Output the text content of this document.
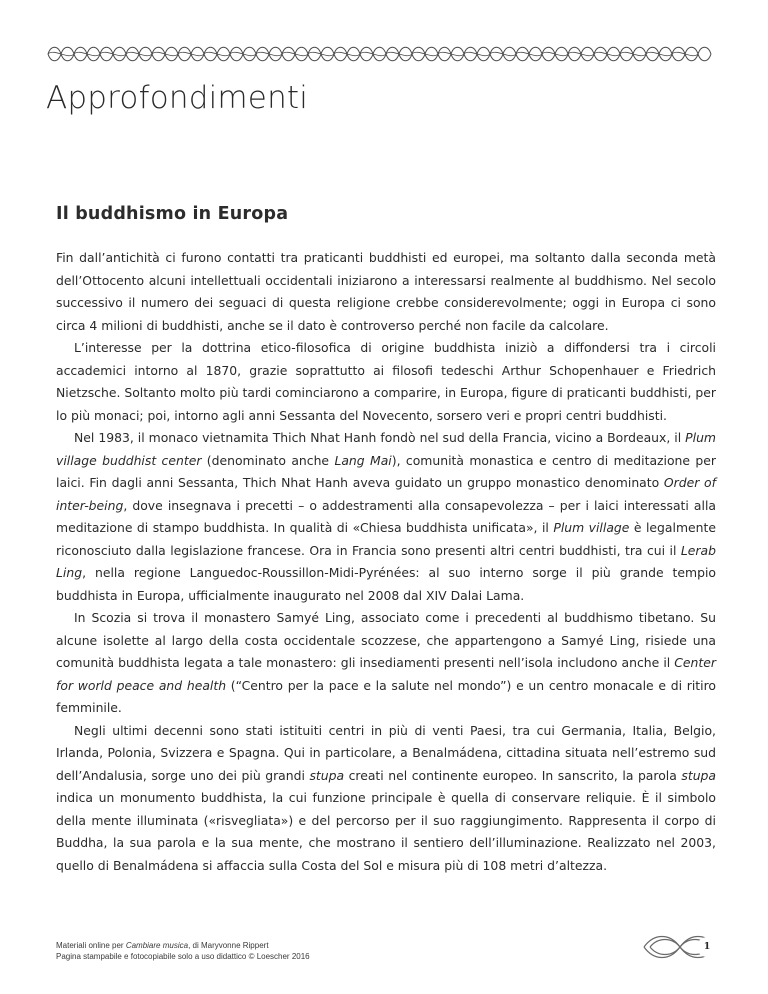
Approfondimenti
Il buddhismo in Europa

Fin dall’antichità ci furono contatti tra praticanti buddhisti ed europei, ma soltanto dalla seconda metà dell’Ottocento alcuni intellettuali occidentali iniziarono a interessarsi realmente al buddhismo. Nel secolo successivo il numero dei seguaci di questa religione crebbe considerevolmente; oggi in Europa ci sono circa 4 milioni di buddhisti, anche se il dato è controverso perché non facile da calcolare.

L’interesse per la dottrina etico-filosofica di origine buddhista iniziò a diffondersi tra i circoli accademici intorno al 1870, grazie soprattutto ai filosofi tedeschi Arthur Schopenhauer e Friedrich Nietzsche. Soltanto molto più tardi cominciarono a comparire, in Europa, figure di praticanti buddhisti, per lo più monaci; poi, intorno agli anni Sessanta del Novecento, sorsero veri e propri centri buddhisti.

Nel 1983, il monaco vietnamita Thich Nhat Hanh fondò nel sud della Francia, vicino a Bordeaux, il Plum village buddhist center (denominato anche Lang Mai), comunità monastica e centro di meditazione per laici. Fin dagli anni Sessanta, Thich Nhat Hanh aveva guidato un gruppo monastico denominato Order of inter-being, dove insegnava i precetti – o addestramenti alla consapevolezza – per i laici interessati alla meditazione di stampo buddhista. In qualità di «Chiesa buddhista unificata», il Plum village è legalmente riconosciuto dalla legislazione francese. Ora in Francia sono presenti altri centri buddhisti, tra cui il Lerab Ling, nella regione Languedoc-Roussillon-Midi-Pyrénées: al suo interno sorge il più grande tempio buddhista in Europa, ufficialmente inaugurato nel 2008 dal XIV Dalai Lama.

In Scozia si trova il monastero Samyé Ling, associato come i precedenti al buddhismo tibetano. Su alcune isolette al largo della costa occidentale scozzese, che appartengono a Samyé Ling, risiede una comunità buddhista legata a tale monastero: gli insediamenti presenti nell’isola includono anche il Center for world peace and health (“Centro per la pace e la salute nel mondo”) e un centro monacale e di ritiro femminile.

Negli ultimi decenni sono stati istituiti centri in più di venti Paesi, tra cui Germania, Italia, Belgio, Irlanda, Polonia, Svizzera e Spagna. Qui in particolare, a Benalmádena, cittadina situata nell’estremo sud dell’Andalusia, sorge uno dei più grandi stupa creati nel continente europeo. In sanscrito, la parola stupa indica un monumento buddhista, la cui funzione principale è quella di conservare reliquie. È il simbolo della mente illuminata («risvegliata») e del percorso per il suo raggiungimento. Rappresenta il corpo di Buddha, la sua parola e la sua mente, che mostrano il sentiero dell’illuminazione. Realizzato nel 2003, quello di Benalmádena si affaccia sulla Costa del Sol e misura più di 108 metri d’altezza.

Materiali online per Cambiare musica, di Maryvonne Rippert
Pagina stampabile e fotocopiabile solo a uso didattico © Loescher 2016
1
